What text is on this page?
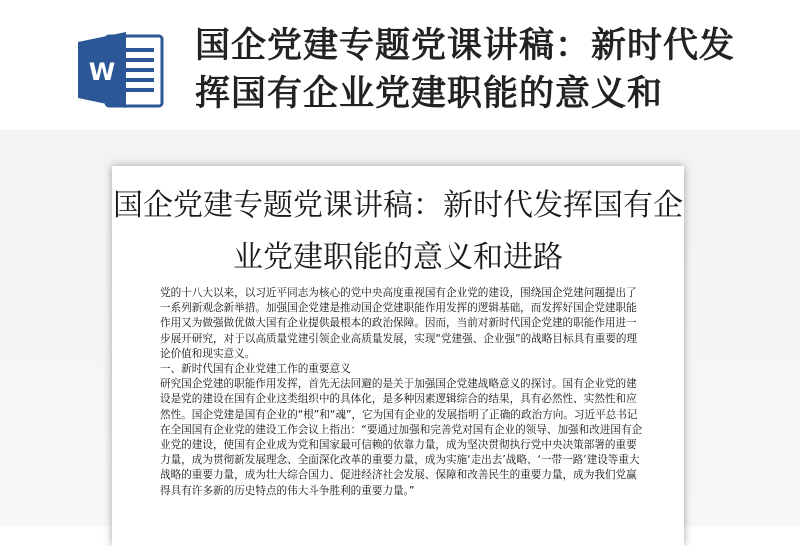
W
国企党建专题党课讲稿：新时代发挥国有企业党建职能的意义和
国企党建专题党课讲稿：新时代发挥国有企业党建职能的意义和进路

党的十八大以来，以习近平同志为核心的党中央高度重视国有企业党的建设，围绕国企党建问题提出了一系列新观念新举措。加强国企党建是推动国企党建职能作用发挥的逻辑基础，而发挥好国企党建职能作用又为做强做优做大国有企业提供最根本的政治保障。因而，当前对新时代国企党建的职能作用进一步展开研究，对于以高质量党建引领企业高质量发展，实现“党建强、企业强”的战略目标具有重要的理论价值和现实意义。

一、新时代国有企业党建工作的重要意义

研究国企党建的职能作用发挥，首先无法回避的是关于加强国企党建战略意义的探讨。国有企业党的建设是党的建设在国有企业这类组织中的具体化，是多种因素逻辑综合的结果，具有必然性、实然性和应然性。国企党建是国有企业的“根”和“魂”，它为国有企业的发展指明了正确的政治方向。习近平总书记在全国国有企业党的建设工作会议上指出：“要通过加强和完善党对国有企业的领导、加强和改进国有企业党的建设，使国有企业成为党和国家最可信赖的依靠力量，成为坚决贯彻执行党中央决策部署的重要力量，成为贯彻新发展理念、全面深化改革的重要力量，成为实施‘走出去’战略、‘一带一路’建设等重大战略的重要力量，成为壮大综合国力、促进经济社会发展、保障和改善民生的重要力量，成为我们党赢得具有许多新的历史特点的伟大斗争胜利的重要力量。”
